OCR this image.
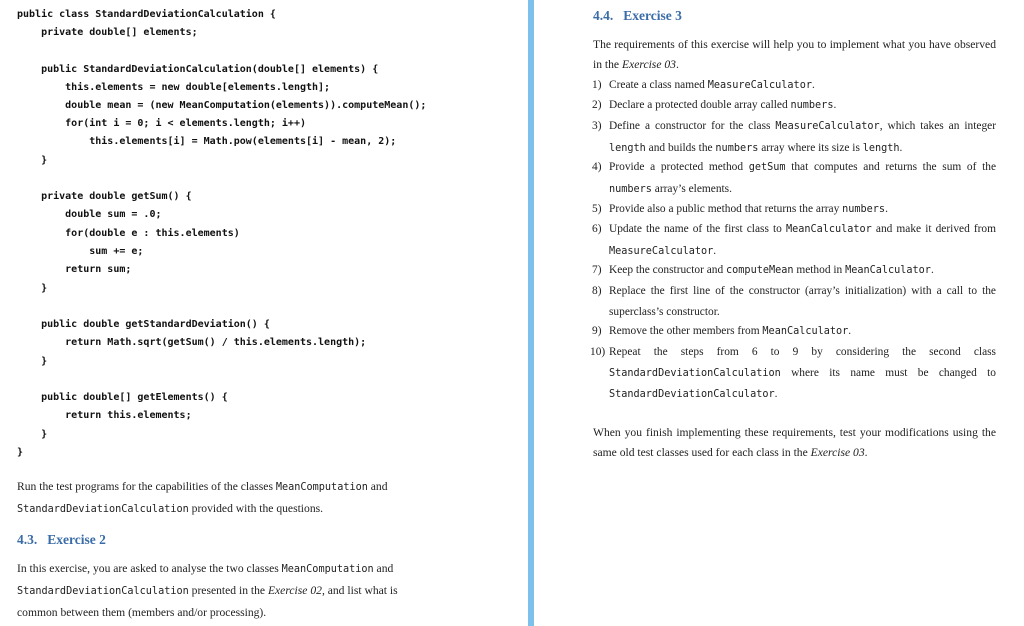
public class StandardDeviationCalculation {
private double[] elements;
public StandardDeviationCalculation(double[] elements) {
this.elements = new double[elements.length];
double mean = (new MeanComputation(elements)).computeMean();
for(int i = 0; i < elements.length; i++)
this.elements[i] = Math.pow(elements[i] - mean, 2);
}
private double getSum() {
double sum = .0;
for(double e : this.elements)
sum += e;
return sum;
}
public double getStandardDeviation() {
return Math.sqrt(getSum() / this.elements.length);
}
public double[] getElements() {
return this.elements;
}
}
Run the test programs for the capabilities of the classes MeanComputation and StandardDeviationCalculation provided with the questions.
4.3. Exercise 2
In this exercise, you are asked to analyse the two classes MeanComputation and StandardDeviationCalculation presented in the Exercise 02, and list what is common between them (members and/or processing).
4.4. Exercise 3
The requirements of this exercise will help you to implement what you have observed in the Exercise 03.
1) Create a class named MeasureCalculator.
2) Declare a protected double array called numbers.
3) Define a constructor for the class MeasureCalculator, which takes an integer length and builds the numbers array where its size is length.
4) Provide a protected method getSum that computes and returns the sum of the numbers array’s elements.
5) Provide also a public method that returns the array numbers.
6) Update the name of the first class to MeanCalculator and make it derived from MeasureCalculator.
7) Keep the constructor and computeMean method in MeanCalculator.
8) Replace the first line of the constructor (array’s initialization) with a call to the superclass’s constructor.
9) Remove the other members from MeanCalculator.
10) Repeat the steps from 6 to 9 by considering the second class StandardDeviationCalculation where its name must be changed to StandardDeviationCalculator.
When you finish implementing these requirements, test your modifications using the same old test classes used for each class in the Exercise 03.
